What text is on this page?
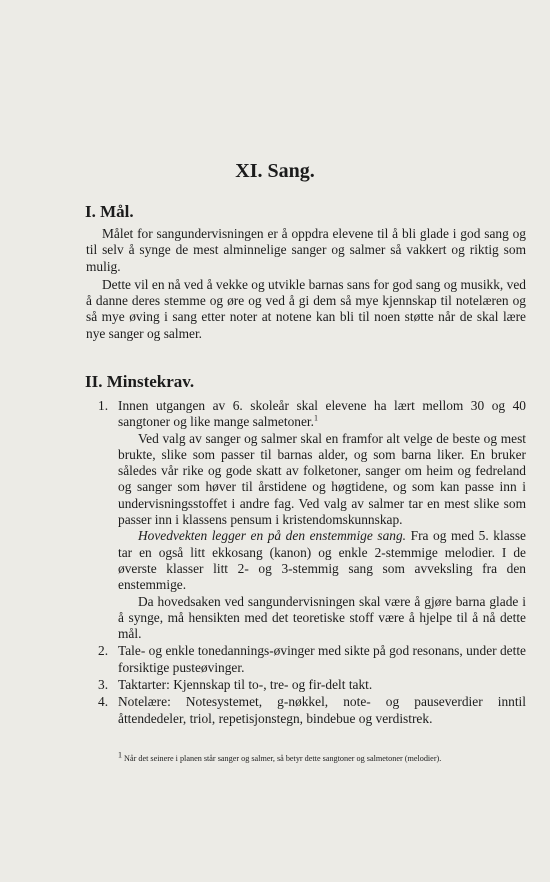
XI. Sang.
I. Mål.

Målet for sangundervisningen er å oppdra elevene til å bli glade i god sang og til selv å synge de mest alminnelige sanger og salmer så vakkert og riktig som mulig.

Dette vil en nå ved å vekke og utvikle barnas sans for god sang og musikk, ved å danne deres stemme og øre og ved å gi dem så mye kjennskap til notelæren og så mye øving i sang etter noter at notene kan bli til noen støtte når de skal lære nye sanger og salmer.

II. Minstekrav.
1. Innen utgangen av 6. skoleår skal elevene ha lært mellom 30 og 40 sangtoner og like mange salmetoner.$^1$

Ved valg av sanger og salmer skal en framfor alt velge de beste og mest brukte, slike som passer til barnas alder, og som barna liker. En bruker således vår rike og gode skatt av folketoner, sanger om heim og fedreland og sanger som høver til årstidene og høgtidene, og som kan passe inn i undervisningsstoffet i andre fag. Ved valg av salmer tar en mest slike som passer inn i klassens pensum i kristendomskunnskap.

Hovedvekten legger en på den enstemmige sang. Fra og med 5. klasse tar en også litt ekkosang (kanon) og enkle 2-stemmige melodier. I de øverste klasser litt 2- og 3-stemmig sang som avveksling fra den enstemmige.

Da hovedsaken ved sangundervisningen skal være å gjøre barna glade i å synge, må hensikten med det teoretiske stoff være å hjelpe til å nå dette mål.

2. Tale- og enkle tonedannings-øvinger med sikte på god resonans, under dette forsiktige pusteøvinger.

3. Taktarter: Kjennskap til to-, tre- og fir-delt takt.

4. Notelære: Notesystemet, g-nøkkel, note- og pauseverdier inntil åttendedeler, triol, repetisjonstegn, bindebue og verdistrek.

$^1$ Når det seinere i planen står sanger og salmer, så betyr dette sangtoner og salmetoner (melodier).
